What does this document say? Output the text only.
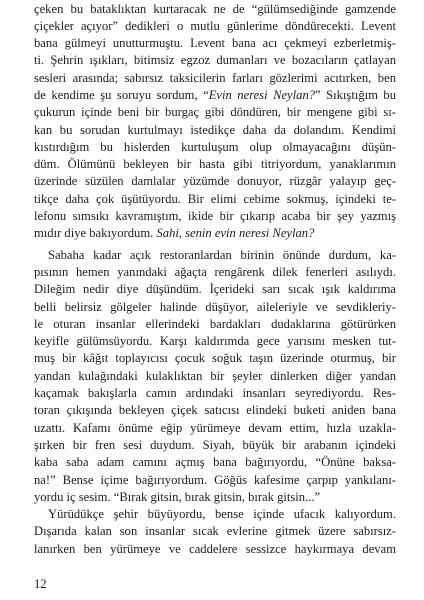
çeken bu bataklıktan kurtaracak ne de “gülümsediğinde gamzende
çiçekler açıyor” dedikleri o mutlu günlerime döndürecekti. Levent
bana gülmeyi unutturmuştu. Levent bana acı çekmeyi ezberletmiş-
ti. Şehrin ışıkları, bitimsiz egzoz dumanları ve bozacıların çatlayan
sesleri arasında; sabırsız taksicilerin farları gözlerimi acıtırken, ben
de kendime şu soruyu sordum, “Evin neresi Neylan?” Sıkıştığım bu
çukurun içinde beni bir burgaç gibi döndüren, bir mengene gibi sı-
kan bu sorudan kurtulmayı istedikçe daha da dolandım. Kendimi
kıstırdığım bu hislerden kurtuluşum olup olmayacağını düşün-
düm. Ölümünü bekleyen bir hasta gibi titriyordum, yanaklarımın
üzerinde süzülen damlalar yüzümde donuyor, rüzgâr yalayıp geç-
tikçe daha çok üşütüyordu. Bir elimi cebime sokmuş, içindeki te-
lefonu sımsıkı kavramıştım, ikide bir çıkarıp acaba bir şey yazmış
mıdır diye bakıyordum. Sahi, senin evin neresi Neylan?
Sabaha kadar açık restoranlardan birinin önünde durdum, ka-
pısının hemen yanındaki ağaçta rengârenk dilek fenerleri asılıydı.
Dileğim nedir diye düşündüm. İçerideki sarı sıcak ışık kaldırıma
belli belirsiz gölgeler halinde düşüyor, aileleriyle ve sevdikleriy-
le oturan insanlar ellerindeki bardakları dudaklarına götürürken
keyifle gülümsüyordu. Karşı kaldırımda gece yarısını mesken tut-
muş bir kâğıt toplayıcısı çocuk soğuk taşın üzerinde oturmuş, bir
yandan kulağındaki kulaklıktan bir şeyler dinlerken diğer yandan
kaçamak bakışlarla camın ardındaki insanları seyrediyordu. Res-
toran çıkışında bekleyen çiçek satıcısı elindeki buketi aniden bana
uzattı. Kafamı önüme eğip yürümeye devam ettim, hızla uzakla-
şırken bir fren sesi duydum. Siyah, büyük bir arabanın içindeki
kaba saba adam camını açmış bana bağırıyordu, “Önüne baksa-
na!” Bense içime bağırıyordum. Göğüs kafesime çarpıp yankılanı-
yordu iç sesim. “Bırak gitsin, bırak gitsin, bırak gitsin...”
Yürüdükçe şehir büyüyordu, bense içinde ufacık kalıyordum.
Dışarıda kalan son insanlar sıcak evlerine gitmek üzere sabırsız-
lanırken ben yürümeye ve caddelere sessizce haykırmaya devam
12
